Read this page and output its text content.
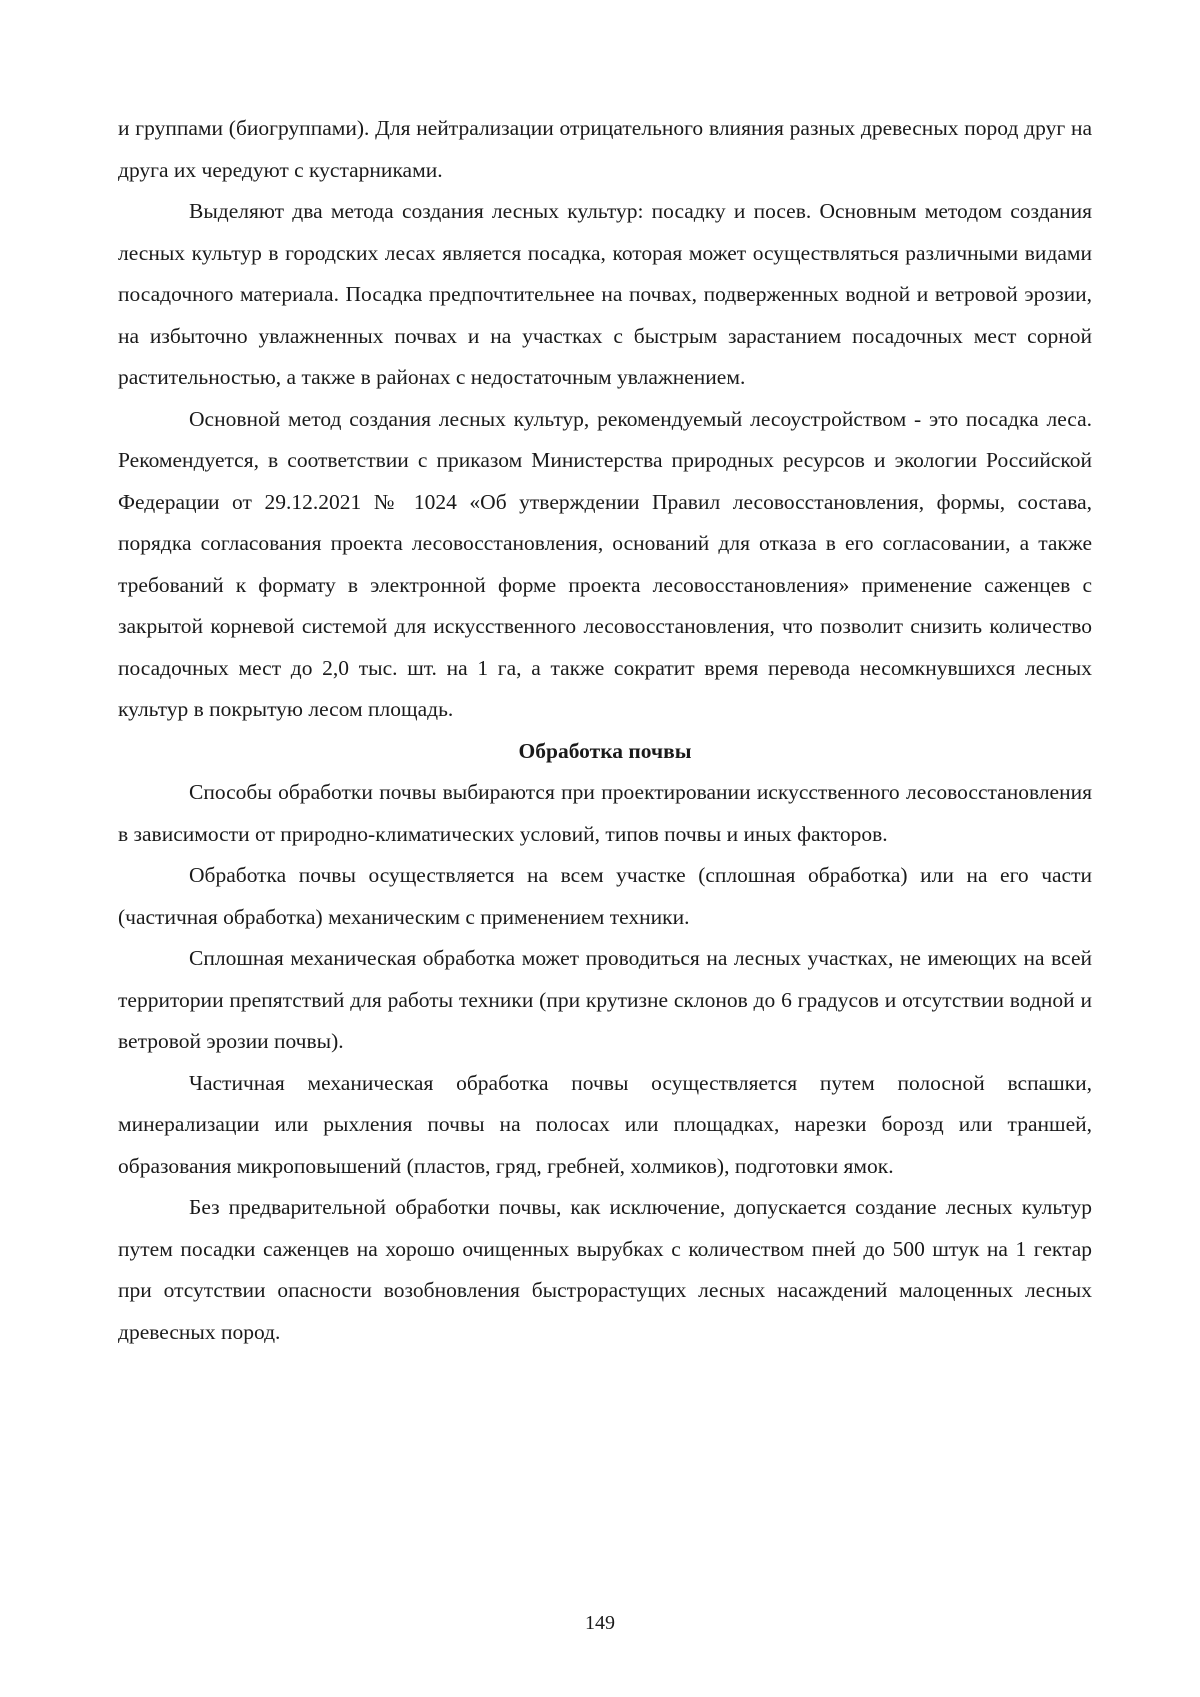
и группами (биогруппами). Для нейтрализации отрицательного влияния разных древесных пород друг на друга их чередуют с кустарниками.

Выделяют два метода создания лесных культур: посадку и посев. Основным методом создания лесных культур в городских лесах является посадка, которая может осуществляться различными видами посадочного материала. Посадка предпочтительнее на почвах, подверженных водной и ветровой эрозии, на избыточно увлажненных почвах и на участках с быстрым зарастанием посадочных мест сорной растительностью, а также в районах с недостаточным увлажнением.

Основной метод создания лесных культур, рекомендуемый лесоустройством - это посадка леса. Рекомендуется, в соответствии с приказом Министерства природных ресурсов и экологии Российской Федерации от 29.12.2021 № 1024 «Об утверждении Правил лесовосстановления, формы, состава, порядка согласования проекта лесовосстановления, оснований для отказа в его согласовании, а также требований к формату в электронной форме проекта лесовосстановления» применение саженцев с закрытой корневой системой для искусственного лесовосстановления, что позволит снизить количество посадочных мест до 2,0 тыс. шт. на 1 га, а также сократит время перевода несомкнувшихся лесных культур в покрытую лесом площадь.

Обработка почвы

Способы обработки почвы выбираются при проектировании искусственного лесовосстановления в зависимости от природно-климатических условий, типов почвы и иных факторов.

Обработка почвы осуществляется на всем участке (сплошная обработка) или на его части (частичная обработка) механическим с применением техники.

Сплошная механическая обработка может проводиться на лесных участках, не имеющих на всей территории препятствий для работы техники (при крутизне склонов до 6 градусов и отсутствии водной и ветровой эрозии почвы).

Частичная механическая обработка почвы осуществляется путем полосной вспашки, минерализации или рыхления почвы на полосах или площадках, нарезки борозд или траншей, образования микроповышений (пластов, гряд, гребней, холмиков), подготовки ямок.

Без предварительной обработки почвы, как исключение, допускается создание лесных культур путем посадки саженцев на хорошо очищенных вырубках с количеством пней до 500 штук на 1 гектар при отсутствии опасности возобновления быстрорастущих лесных насаждений малоценных лесных древесных пород.

149
